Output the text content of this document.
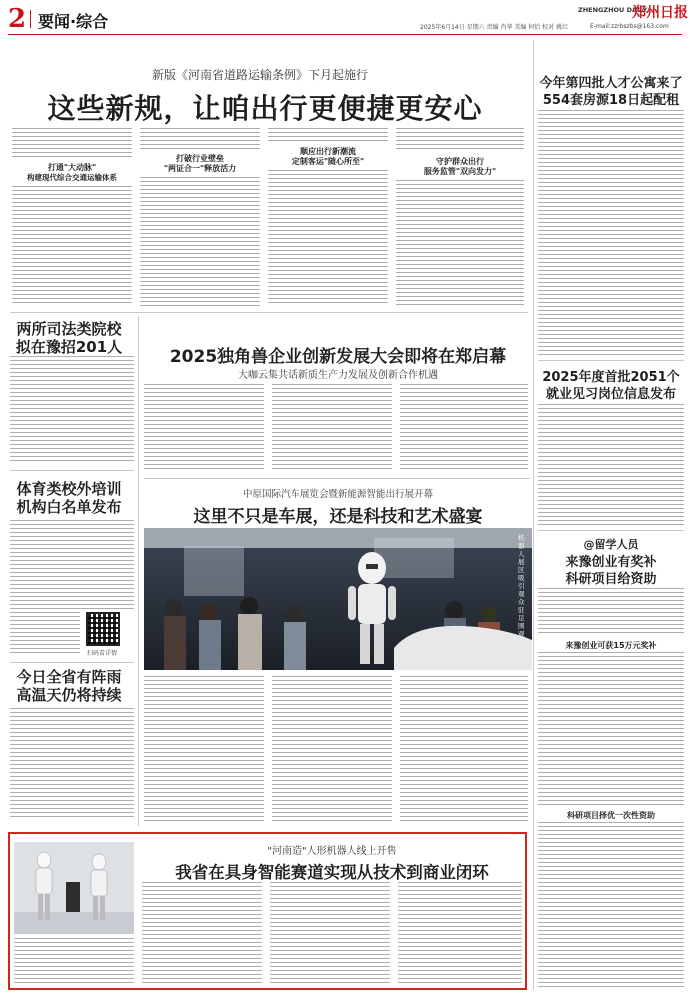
2 要闻·综合	2025年6月14日 星期六 责编 肖华 美编 何恰 校对 姚红
ZHENGZHOU DAILY
郑州日报
E-mail:zzrbszbs@163.com
新版《河南省道路运输条例》下月起施行
这些新规，让咱出行更便捷更安心
打通"大动脉"
构建现代综合交通运输体系
打破行业壁垒
"两证合一"释放活力
顺应出行新潮流
定制客运"随心所至"	守护群众出行
服务监管"双向发力"
两所司法类院校
拟在豫招201人
体育类校外培训
机构白名单发布
扫码看详情
今日全省有阵雨
高温天仍将持续
2025独角兽企业创新发展大会即将在郑启幕
大咖云集共话新质生产力发展及创新合作机遇
中原国际汽车展览会暨新能源智能出行展开幕
这里不只是车展，还是科技和艺术盛宴
机器人展区吸引观众驻足围观
"河南造"人形机器人线上开售
我省在具身智能赛道实现从技术到商业闭环
今年第四批人才公寓来了
554套房源18日起配租
2025年度首批2051个
就业见习岗位信息发布
@留学人员
来豫创业有奖补
科研项目给资助
来豫创业可获15万元奖补
科研项目择优一次性资助
